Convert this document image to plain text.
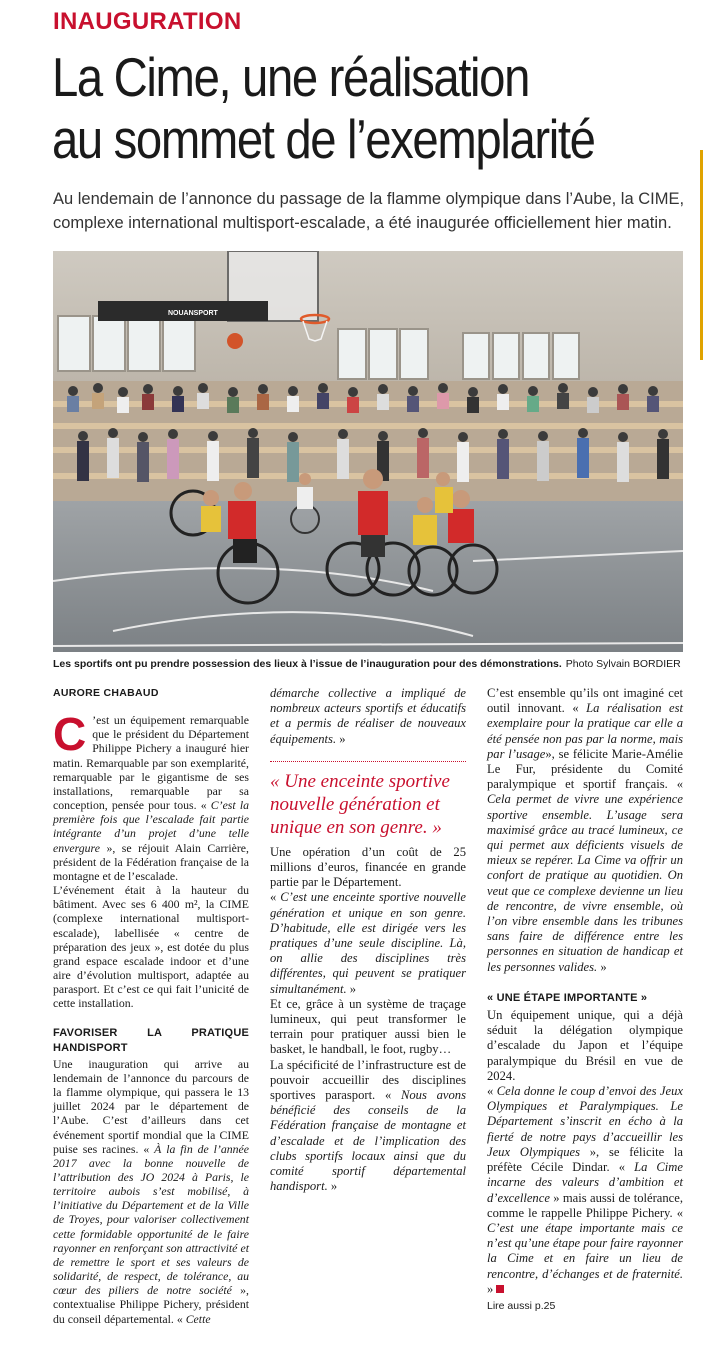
INAUGURATION
La Cime, une réalisation
au sommet de l’exemplarité

Au lendemain de l’annonce du passage de la flamme olympique dans l’Aube, la CIME, complexe international multisport-escalade, a été inaugurée officiellement hier matin.

NOUANSPORT
Les sportifs ont pu prendre possession des lieux à l’issue de l’inauguration pour des démonstrations. Photo Sylvain BORDIER
AURORE CHABAUD

C ’est un équipement remarquable que le président du Département Philippe Pichery a inauguré hier matin. Remarquable par son exemplarité, remarquable par le gigantisme de ses installations, remarquable par sa conception, pensée pour tous. « C’est la première fois que l’escalade fait partie intégrante d’un projet d’une telle envergure », se réjouit Alain Carrière, président de la Fédération française de la montagne et de l’escalade.

L’événement était à la hauteur du bâtiment. Avec ses 6 400 m², la CIME (complexe international multisport-escalade), labellisée « centre de préparation des jeux », est dotée du plus grand espace escalade indoor et d’une aire d’évolution multisport, adaptée au parasport. Et c’est ce qui fait l’unicité de cette installation.

FAVORISER LA PRATIQUE HANDISPORT

Une inauguration qui arrive au lendemain de l’annonce du parcours de la flamme olympique, qui passera le 13 juillet 2024 par le département de l’Aube. C’est d’ailleurs dans cet événement sportif mondial que la CIME puise ses racines. « À la fin de l’année 2017 avec la bonne nouvelle de l’attribution des JO 2024 à Paris, le territoire aubois s’est mobilisé, à l’initiative du Département et de la Ville de Troyes, pour valoriser collectivement cette formidable opportunité de le faire rayonner en renforçant son attractivité et de remettre le sport et ses valeurs de solidarité, de respect, de tolérance, au cœur des piliers de notre société », contextualise Philippe Pichery, président du conseil départemental. « Cette

C’est ensemble qu’ils ont imaginé cet outil innovant. « La réalisation est exemplaire pour la pratique car elle a été pensée non pas par la norme, mais par l’usage», se félicite Marie-Amélie Le Fur, présidente du Comité paralympique et sportif français. « Cela permet de vivre une expérience sportive ensemble. L’usage sera maximisé grâce au tracé lumineux, ce qui permet aux déficients visuels de mieux se repérer. La Cime va offrir un confort de pratique au quotidien. On veut que ce complexe devienne un lieu de rencontre, de vivre ensemble, où l’on vibre ensemble dans les tribunes sans faire de différence entre les personnes en situation de handicap et les personnes valides. »

« UNE ÉTAPE IMPORTANTE »

Un équipement unique, qui a déjà séduit la délégation olympique d’escalade du Japon et l’équipe paralympique du Brésil en vue de 2024.

« Cela donne le coup d’envoi des Jeux Olympiques et Paralympiques. Le Département s’inscrit en écho à la fierté de notre pays d’accueillir les Jeux Olympiques », se félicite la préfète Cécile Dindar. « La Cime incarne des valeurs d’ambition et d’excellence » mais aussi de tolérance, comme le rappelle Philippe Pichery. « C’est une étape importante mais ce n’est qu’une étape pour faire rayonner la Cime et en faire un lieu de rencontre, d’échanges et de fraternité. »

Lire aussi p.25

démarche collective a impliqué de nombreux acteurs sportifs et éducatifs et a permis de réaliser de nouveaux équipements. »

« Une enceinte sportive nouvelle génération et unique en son genre. »

Une opération d’un coût de 25 millions d’euros, financée en grande partie par le Département.

« C’est une enceinte sportive nouvelle génération et unique en son genre. D’habitude, elle est dirigée vers les pratiques d’une seule discipline. Là, on allie des disciplines très différentes, qui peuvent se pratiquer simultanément. »

Et ce, grâce à un système de traçage lumineux, qui peut transformer le terrain pour pratiquer aussi bien le basket, le handball, le foot, rugby…

La spécificité de l’infrastructure est de pouvoir accueillir des disciplines sportives parasport. « Nous avons bénéficié des conseils de la Fédération française de montagne et d’escalade et de l’implication des clubs sportifs locaux ainsi que du comité sportif départemental handisport. »
